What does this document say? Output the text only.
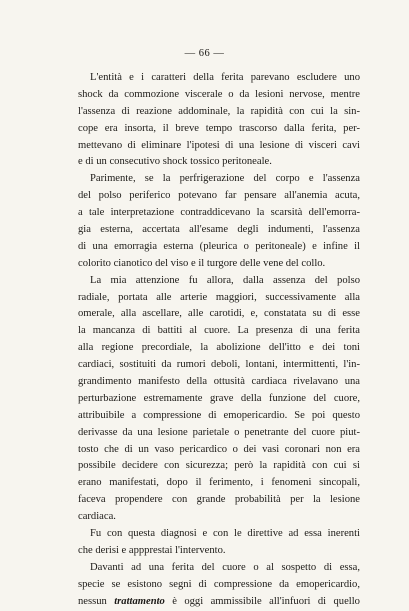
— 66 —
L'entità e i caratteri della ferita parevano escludere uno
shock da commozione viscerale o da lesioni nervose, mentre
l'assenza di reazione addominale, la rapidità con cui la sin-
cope era insorta, il breve tempo trascorso dalla ferita, per-
mettevano di eliminare l'ipotesi di una lesione di visceri cavi
e di un consecutivo shock tossico peritoneale.
Parimente, se la perfrigerazione del corpo e l'assenza
del polso periferico potevano far pensare all'anemia acuta,
a tale interpretazione contraddicevano la scarsità dell'emorra-
gia esterna, accertata all'esame degli indumenti, l'assenza
di una emorragia esterna (pleurica o peritoneale) e infine il
colorito cianotico del viso e il turgore delle vene del collo.
La mia attenzione fu allora, dalla assenza del polso
radiale, portata alle arterie maggiori, successivamente alla
omerale, alla ascellare, alle carotidi, e, constatata su di esse
la mancanza di battiti al cuore. La presenza di una ferita
alla regione precordiale, la abolizione dell'itto e dei toni
cardiaci, sostituiti da rumori deboli, lontani, intermittenti, l'in-
grandimento manifesto della ottusità cardiaca rivelavano una
perturbazione estremamente grave della funzione del cuore,
attribuibile a compressione di emopericardio. Se poi questo
derivasse da una lesione parietale o penetrante del cuore piut-
tosto che di un vaso pericardico o dei vasi coronari non era
possibile decidere con sicurezza; però la rapidità con cui si
erano manifestati, dopo il ferimento, i fenomeni sincopali,
faceva propendere con grande probabilità per la lesione
cardiaca.
Fu con questa diagnosi e con le direttive ad essa inerenti
che derisi e appprestai l'intervento.
Davanti ad una ferita del cuore o al sospetto di essa,
specie se esistono segni di compressione da emopericardio,
nessun trattamento è oggi ammissibile all'infuori di quello
